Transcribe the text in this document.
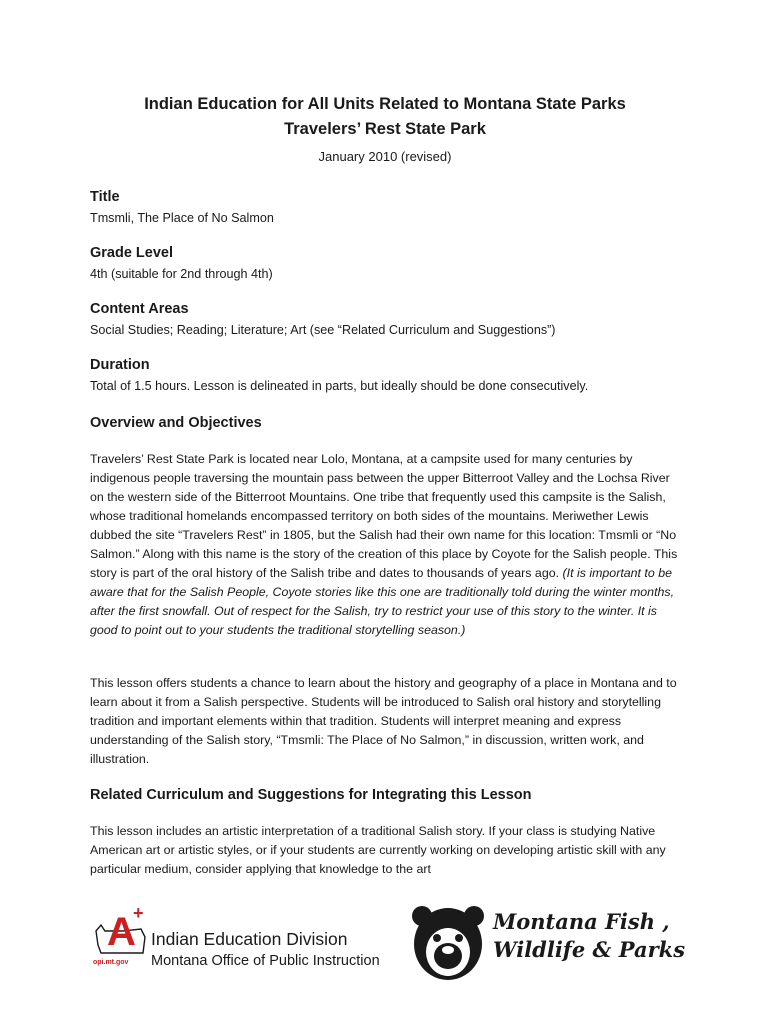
Indian Education for All Units Related to Montana State Parks

Travelers’ Rest State Park

January 2010 (revised)
Title
Tmsmli, The Place of No Salmon
Grade Level
4th (suitable for 2nd through 4th)
Content Areas
Social Studies; Reading; Literature; Art (see “Related Curriculum and Suggestions”)
Duration
Total of 1.5 hours. Lesson is delineated in parts, but ideally should be done consecutively.
Overview and Objectives

Travelers’ Rest State Park is located near Lolo, Montana, at a campsite used for many centuries by indigenous people traversing the mountain pass between the upper Bitterroot Valley and the Lochsa River on the western side of the Bitterroot Mountains. One tribe that frequently used this campsite is the Salish, whose traditional homelands encompassed territory on both sides of the mountains. Meriwether Lewis dubbed the site “Travelers Rest” in 1805, but the Salish had their own name for this location: Tmsmli or “No Salmon.” Along with this name is the story of the creation of this place by Coyote for the Salish people. This story is part of the oral history of the Salish tribe and dates to thousands of years ago. (It is important to be aware that for the Salish People, Coyote stories like this one are traditionally told during the winter months, after the first snowfall. Out of respect for the Salish, try to restrict your use of this story to the winter. It is good to point out to your students the traditional storytelling season.)

This lesson offers students a chance to learn about the history and geography of a place in Montana and to learn about it from a Salish perspective. Students will be introduced to Salish oral history and storytelling tradition and important elements within that tradition. Students will interpret meaning and express understanding of the Salish story, “Tmsmli: The Place of No Salmon,” in discussion, written work, and illustration.

Related Curriculum and Suggestions for Integrating this Lesson

This lesson includes an artistic interpretation of a traditional Salish story. If your class is studying Native American art or artistic styles, or if your students are currently working on developing artistic skill with any particular medium, consider applying that knowledge to the art

A
+
opi.mt.gov
Indian Education Division
Montana Office of Public Instruction
Montana Fish ,
Wildlife & Parks
